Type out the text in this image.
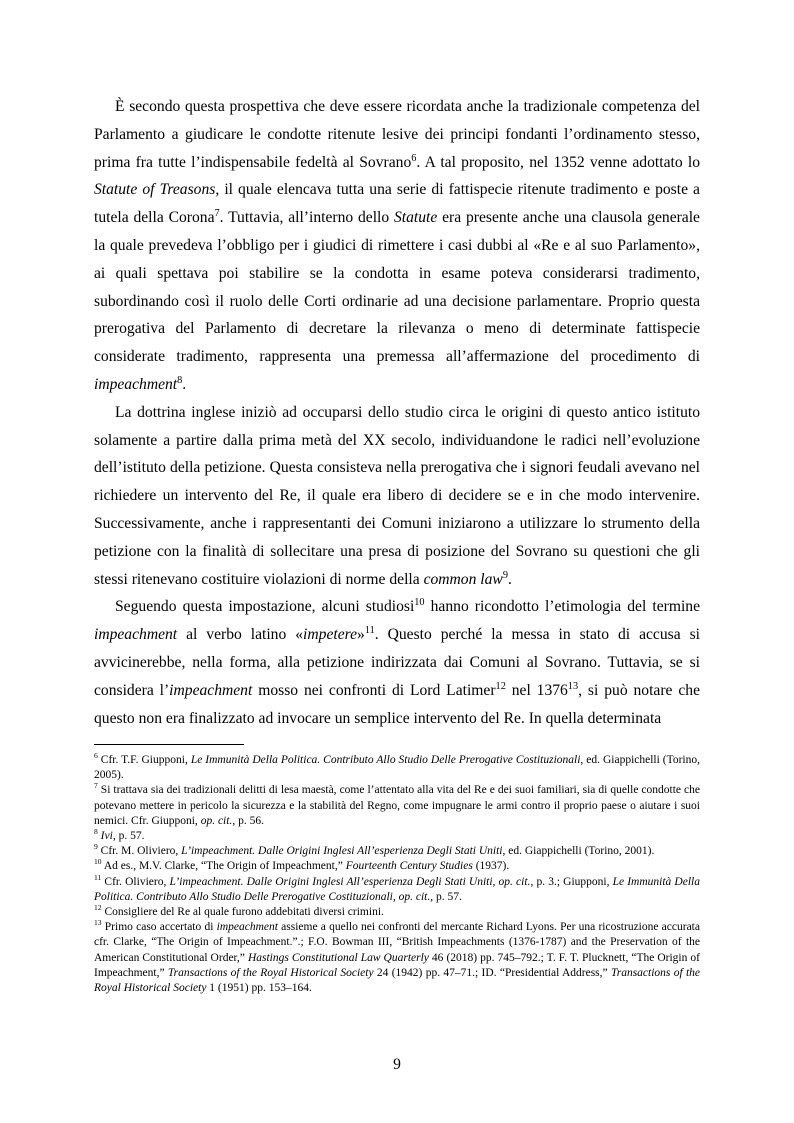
È secondo questa prospettiva che deve essere ricordata anche la tradizionale competenza del Parlamento a giudicare le condotte ritenute lesive dei principi fondanti l’ordinamento stesso, prima fra tutte l’indispensabile fedeltà al Sovrano$^6$. A tal proposito, nel 1352 venne adottato lo Statute of Treasons, il quale elencava tutta una serie di fattispecie ritenute tradimento e poste a tutela della Corona$^7$. Tuttavia, all’interno dello Statute era presente anche una clausola generale la quale prevedeva l’obbligo per i giudici di rimettere i casi dubbi al «Re e al suo Parlamento», ai quali spettava poi stabilire se la condotta in esame poteva considerarsi tradimento, subordinando così il ruolo delle Corti ordinarie ad una decisione parlamentare. Proprio questa prerogativa del Parlamento di decretare la rilevanza o meno di determinate fattispecie considerate tradimento, rappresenta una premessa all’affermazione del procedimento di impeachment$^8$.

La dottrina inglese iniziò ad occuparsi dello studio circa le origini di questo antico istituto solamente a partire dalla prima metà del XX secolo, individuandone le radici nell’evoluzione dell’istituto della petizione. Questa consisteva nella prerogativa che i signori feudali avevano nel richiedere un intervento del Re, il quale era libero di decidere se e in che modo intervenire. Successivamente, anche i rappresentanti dei Comuni iniziarono a utilizzare lo strumento della petizione con la finalità di sollecitare una presa di posizione del Sovrano su questioni che gli stessi ritenevano costituire violazioni di norme della common law$^9$.

Seguendo questa impostazione, alcuni studiosi$^{10}$ hanno ricondotto l’etimologia del termine impeachment al verbo latino «impetere»$^{11}$. Questo perché la messa in stato di accusa si avvicinerebbe, nella forma, alla petizione indirizzata dai Comuni al Sovrano. Tuttavia, se si considera l’impeachment mosso nei confronti di Lord Latimer$^{12}$ nel 1376$^{13}$, si può notare che questo non era finalizzato ad invocare un semplice intervento del Re. In quella determinata

$^6$ Cfr. T.F. Giupponi, Le Immunità Della Politica. Contributo Allo Studio Delle Prerogative Costituzionali, ed. Giappichelli (Torino, 2005).

$^7$ Si trattava sia dei tradizionali delitti di lesa maestà, come l’attentato alla vita del Re e dei suoi familiari, sia di quelle condotte che potevano mettere in pericolo la sicurezza e la stabilità del Regno, come impugnare le armi contro il proprio paese o aiutare i suoi nemici. Cfr. Giupponi, op. cit., p. 56.

$^8$ Ivi, p. 57.

$^9$ Cfr. M. Oliviero, L’impeachment. Dalle Origini Inglesi All’esperienza Degli Stati Uniti, ed. Giappichelli (Torino, 2001).

$^{10}$ Ad es., M.V. Clarke, “The Origin of Impeachment,” Fourteenth Century Studies (1937).

$^{11}$ Cfr. Oliviero, L’impeachment. Dalle Origini Inglesi All’esperienza Degli Stati Uniti, op. cit., p. 3.; Giupponi, Le Immunità Della Politica. Contributo Allo Studio Delle Prerogative Costituzionali, op. cit., p. 57.

$^{12}$ Consigliere del Re al quale furono addebitati diversi crimini.

$^{13}$ Primo caso accertato di impeachment assieme a quello nei confronti del mercante Richard Lyons. Per una ricostruzione accurata cfr. Clarke, “The Origin of Impeachment.”.; F.O. Bowman III, “British Impeachments (1376-1787) and the Preservation of the American Constitutional Order,” Hastings Constitutional Law Quarterly 46 (2018) pp. 745–792.; T. F. T. Plucknett, “The Origin of Impeachment,” Transactions of the Royal Historical Society 24 (1942) pp. 47–71.; ID. “Presidential Address,” Transactions of the Royal Historical Society 1 (1951) pp. 153–164.

9
